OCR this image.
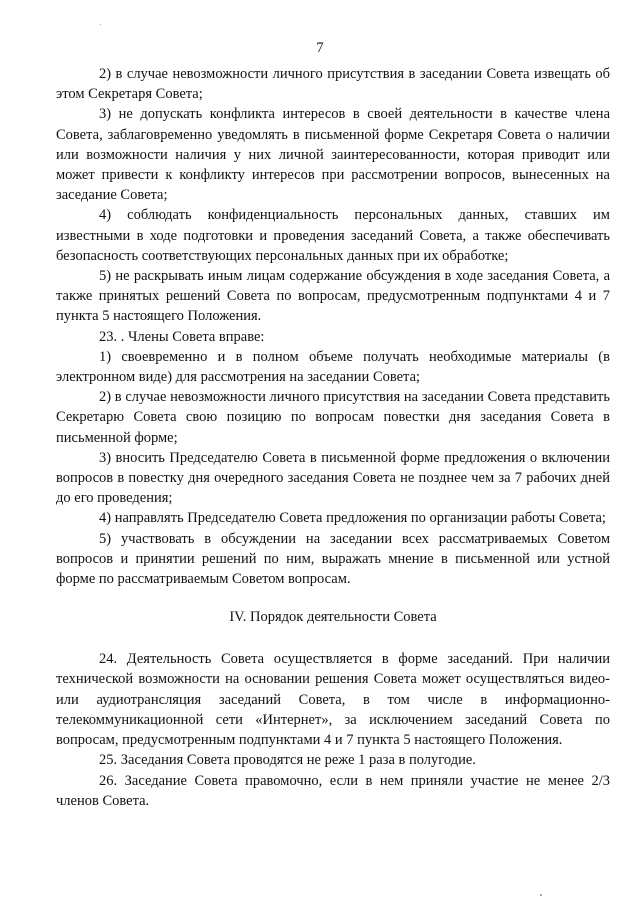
7

2) в случае невозможности личного присутствия в заседании Совета извещать об этом Секретаря Совета;

3) не допускать конфликта интересов в своей деятельности в качестве члена Совета, заблаговременно уведомлять в письменной форме Секретаря Совета о наличии или возможности наличия у них личной заинтересованности, которая приводит или может привести к конфликту интересов при рассмотрении вопросов, вынесенных на заседание Совета;

4) соблюдать конфиденциальность персональных данных, ставших им известными в ходе подготовки и проведения заседаний Совета, а также обеспечивать безопасность соответствующих персональных данных при их обработке;

5) не раскрывать иным лицам содержание обсуждения в ходе заседания Совета, а также принятых решений Совета по вопросам, предусмотренным подпунктами 4 и 7 пункта 5 настоящего Положения.

23. . Члены Совета вправе:

1) своевременно и в полном объеме получать необходимые материалы (в электронном виде) для рассмотрения на заседании Совета;

2) в случае невозможности личного присутствия на заседании Совета представить Секретарю Совета свою позицию по вопросам повестки дня заседания Совета в письменной форме;

3) вносить Председателю Совета в письменной форме предложения о включении вопросов в повестку дня очередного заседания Совета не позднее чем за 7 рабочих дней до его проведения;

4) направлять Председателю Совета предложения по организации работы Совета;

5) участвовать в обсуждении на заседании всех рассматриваемых Советом вопросов и принятии решений по ним, выражать мнение в письменной или устной форме по рассматриваемым Советом вопросам.

IV. Порядок деятельности Совета

24. Деятельность Совета осуществляется в форме заседаний. При наличии технической возможности на основании решения Совета может осуществляться видео- или аудиотрансляция заседаний Совета, в том числе в информационно-телекоммуникационной сети «Интернет», за исключением заседаний Совета по вопросам, предусмотренным подпунктами 4 и 7 пункта 5 настоящего Положения.

25. Заседания Совета проводятся не реже 1 раза в полугодие.

26. Заседание Совета правомочно, если в нем приняли участие не менее 2/3 членов Совета.
